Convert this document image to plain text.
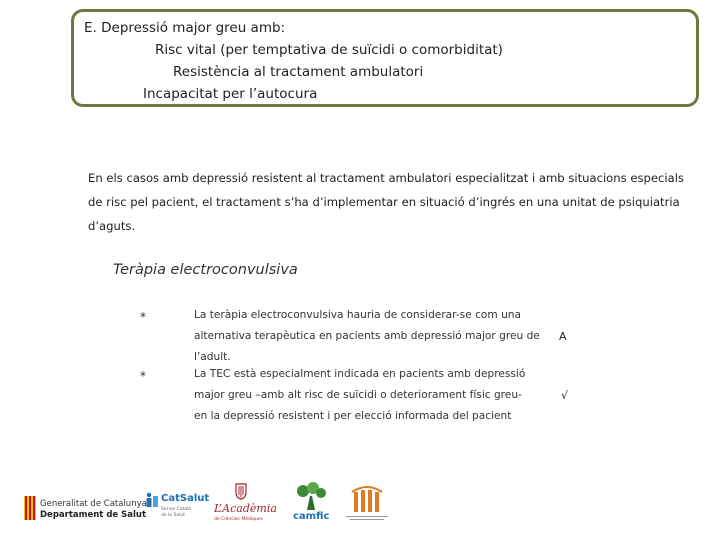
E. Depressió major greu amb:
Risc vital (per temptativa de suïcidi o comorbiditat)
Resistència al tractament ambulatori
Incapacitat per l’autocura
En els casos amb depressió resistent al tractament ambulatori especialitzat i amb situacions especials
de risc pel pacient, el tractament s’ha d’implementar en situació d’ingrés en una unitat de psiquiatria
d’aguts.
Teràpia electroconvulsiva
*	La teràpia electroconvulsiva hauria de considerar-se com una
alternativa terapèutica en pacients amb depressió major greu de
l’adult.
A
*	La TEC està especialment indicada en pacients amb depressió
major greu –amb alt risc de suïcidi o deteriorament físic greu-
en la depressió resistent i per elecció informada del pacient
√
Generalitat de Catalunya
Departament de Salut
CatSalut
Servei Català
de la Salut
L’Acadèmia
de Ciències Mèdiques	camfic
